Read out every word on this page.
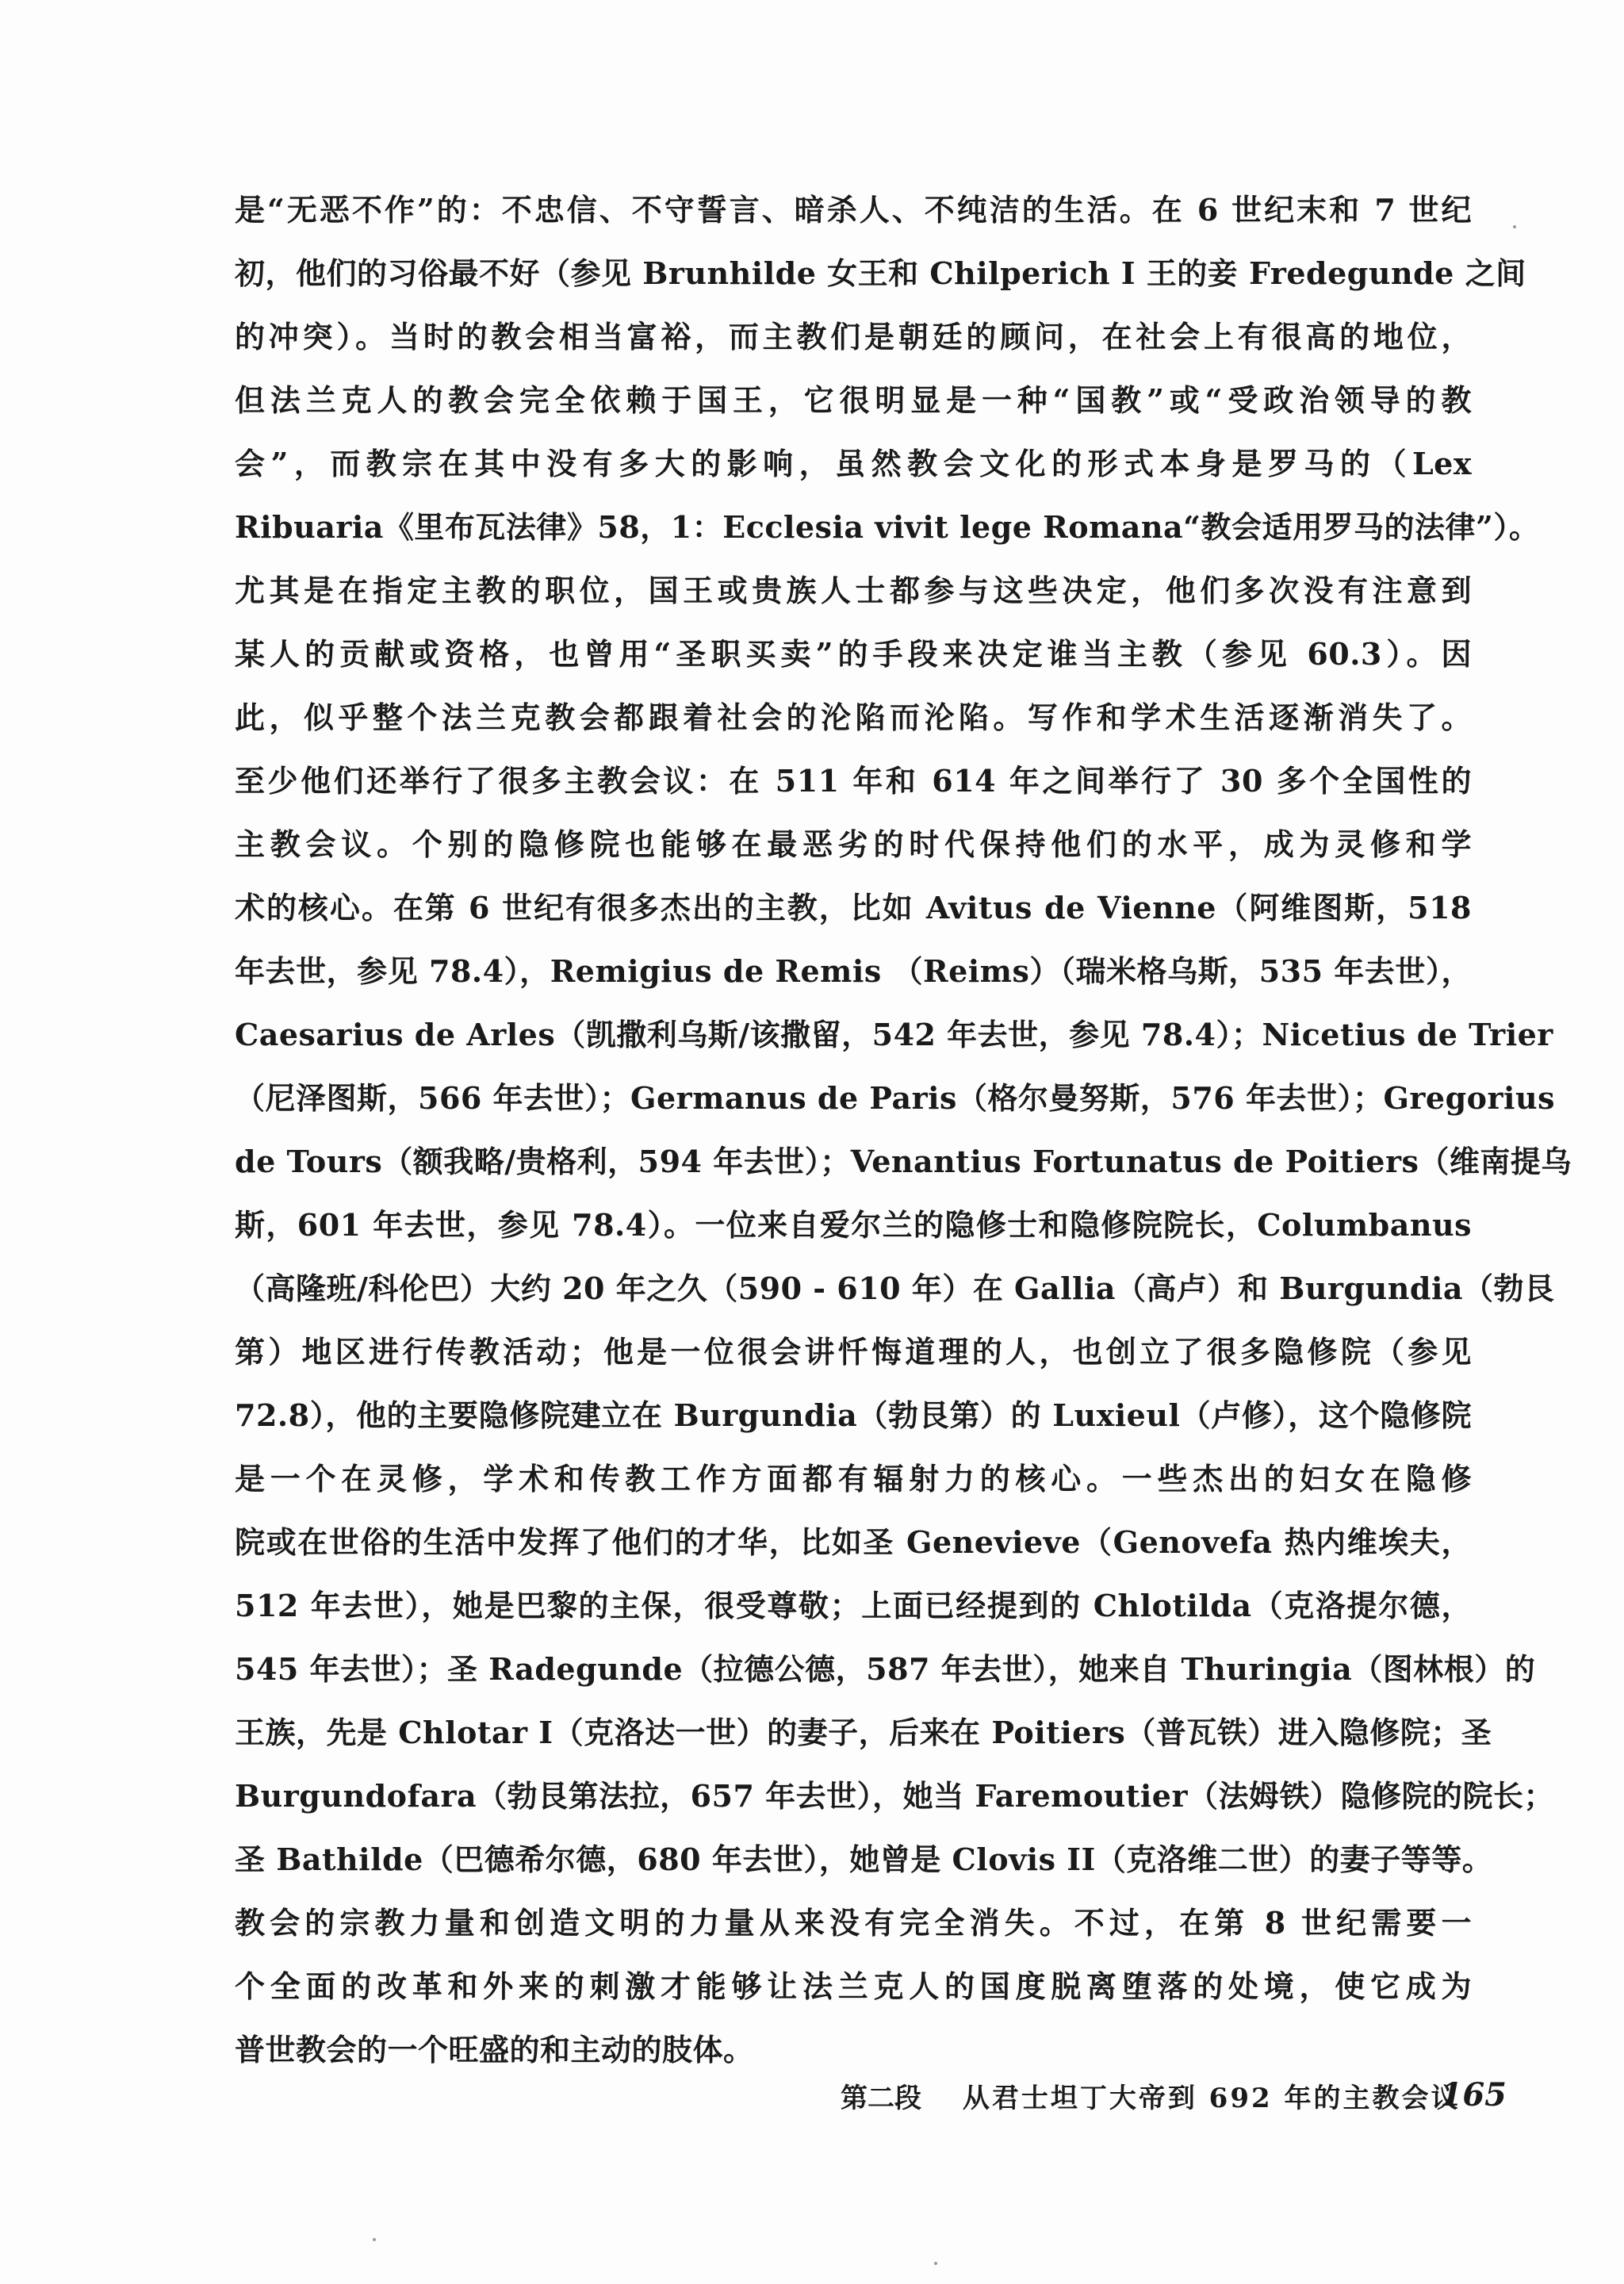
是“无恶不作”的：不忠信、不守誓言、暗杀人、不纯洁的生活。在 6 世纪末和 7 世纪
初，他们的习俗最不好（参见 Brunhilde 女王和 Chilperich I 王的妾 Fredegunde 之间
的冲突）。当时的教会相当富裕，而主教们是朝廷的顾问，在社会上有很高的地位，
但法兰克人的教会完全依赖于国王，它很明显是一种“国教”或“受政治领导的教
会”，而教宗在其中没有多大的影响，虽然教会文化的形式本身是罗马的（Lex
Ribuaria《里布瓦法律》58，1：Ecclesia vivit lege Romana“教会适用罗马的法律”）。
尤其是在指定主教的职位，国王或贵族人士都参与这些决定，他们多次没有注意到
某人的贡献或资格，也曾用“圣职买卖”的手段来决定谁当主教（参见 60.3）。因
此，似乎整个法兰克教会都跟着社会的沦陷而沦陷。写作和学术生活逐渐消失了。
至少他们还举行了很多主教会议：在 511 年和 614 年之间举行了 30 多个全国性的
主教会议。个别的隐修院也能够在最恶劣的时代保持他们的水平，成为灵修和学
术的核心。在第 6 世纪有很多杰出的主教，比如 Avitus de Vienne（阿维图斯，518
年去世，参见 78.4），Remigius de Remis （Reims）（瑞米格乌斯，535 年去世），
Caesarius de Arles（凯撒利乌斯/该撒留，542 年去世，参见 78.4）；Nicetius de Trier
（尼泽图斯，566 年去世）；Germanus de Paris（格尔曼努斯，576 年去世）；Gregorius
de Tours（额我略/贵格利，594 年去世）；Venantius Fortunatus de Poitiers（维南提乌
斯，601 年去世，参见 78.4）。一位来自爱尔兰的隐修士和隐修院院长，Columbanus
（高隆班/科伦巴）大约 20 年之久（590 - 610 年）在 Gallia（高卢）和 Burgundia（勃艮
第）地区进行传教活动；他是一位很会讲忏悔道理的人，也创立了很多隐修院（参见
72.8），他的主要隐修院建立在 Burgundia（勃艮第）的 Luxieul（卢修），这个隐修院
是一个在灵修，学术和传教工作方面都有辐射力的核心。一些杰出的妇女在隐修
院或在世俗的生活中发挥了他们的才华，比如圣 Genevieve（Genovefa 热内维埃夫，
512 年去世），她是巴黎的主保，很受尊敬；上面已经提到的 Chlotilda（克洛提尔德，
545 年去世）；圣 Radegunde（拉德公德，587 年去世），她来自 Thuringia（图林根）的
王族，先是 Chlotar I（克洛达一世）的妻子，后来在 Poitiers（普瓦铁）进入隐修院；圣
Burgundofara（勃艮第法拉，657 年去世），她当 Faremoutier（法姆铁）隐修院的院长；
圣 Bathilde（巴德希尔德，680 年去世），她曾是 Clovis II（克洛维二世）的妻子等等。
教会的宗教力量和创造文明的力量从来没有完全消失。不过，在第 8 世纪需要一
个全面的改革和外来的刺激才能够让法兰克人的国度脱离堕落的处境，使它成为
普世教会的一个旺盛的和主动的肢体。
第二段 从君士坦丁大帝到 692 年的主教会议
165
